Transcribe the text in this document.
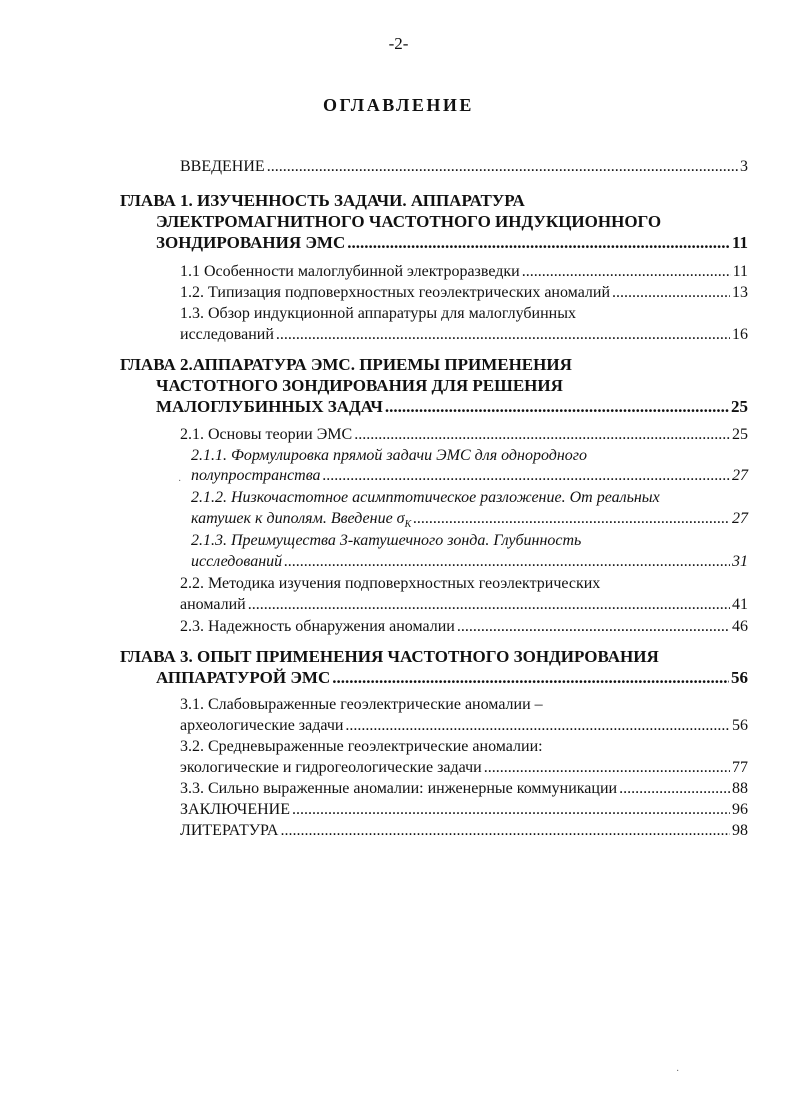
-2-
ОГЛАВЛЕНИЕ
ВВЕДЕНИЕ .....	3
ГЛАВА 1. ИЗУЧЕННОСТЬ ЗАДАЧИ. АППАРАТУРА
ЭЛЕКТРОМАГНИТНОГО ЧАСТОТНОГО ИНДУКЦИОННОГО
ЗОНДИРОВАНИЯ ЭМС .....	11
1.1 Особенности малоглубинной электроразведки .....	11
1.2. Типизация подповерхностных геоэлектрических аномалий .....	13
1.3. Обзор индукционной аппаратуры для малоглубинных
исследований .....	16
ГЛАВА 2.АППАРАТУРА ЭМС. ПРИЕМЫ ПРИМЕНЕНИЯ
ЧАСТОТНОГО ЗОНДИРОВАНИЯ ДЛЯ РЕШЕНИЯ
МАЛОГЛУБИННЫХ ЗАДАЧ .....	25
2.1. Основы теории ЭМС .....	25
2.1.1. Формулировка прямой задачи ЭМС для однородного
полупространства .....	27
·
2.1.2. Низкочастотное асимптотическое разложение. От реальных
катушек к диполям. Введение $\sigma_K$ .....	27
2.1.3. Преимущества 3-катушечного зонда. Глубинность
исследований .....	31
2.2. Методика изучения подповерхностных геоэлектрических
аномалий .....	41
2.3. Надежность обнаружения аномалии .....	46
ГЛАВА 3. ОПЫТ ПРИМЕНЕНИЯ ЧАСТОТНОГО ЗОНДИРОВАНИЯ
АППАРАТУРОЙ ЭМС .....	56
3.1. Слабовыраженные геоэлектрические аномалии –
археологические задачи .....	56
3.2. Средневыраженные геоэлектрические аномалии:
экологические и гидрогеологические задачи .....	77
3.3. Сильно выраженные аномалии: инженерные коммуникации .....	88
ЗАКЛЮЧЕНИЕ .....	96
ЛИТЕРАТУРА .....	98
·
